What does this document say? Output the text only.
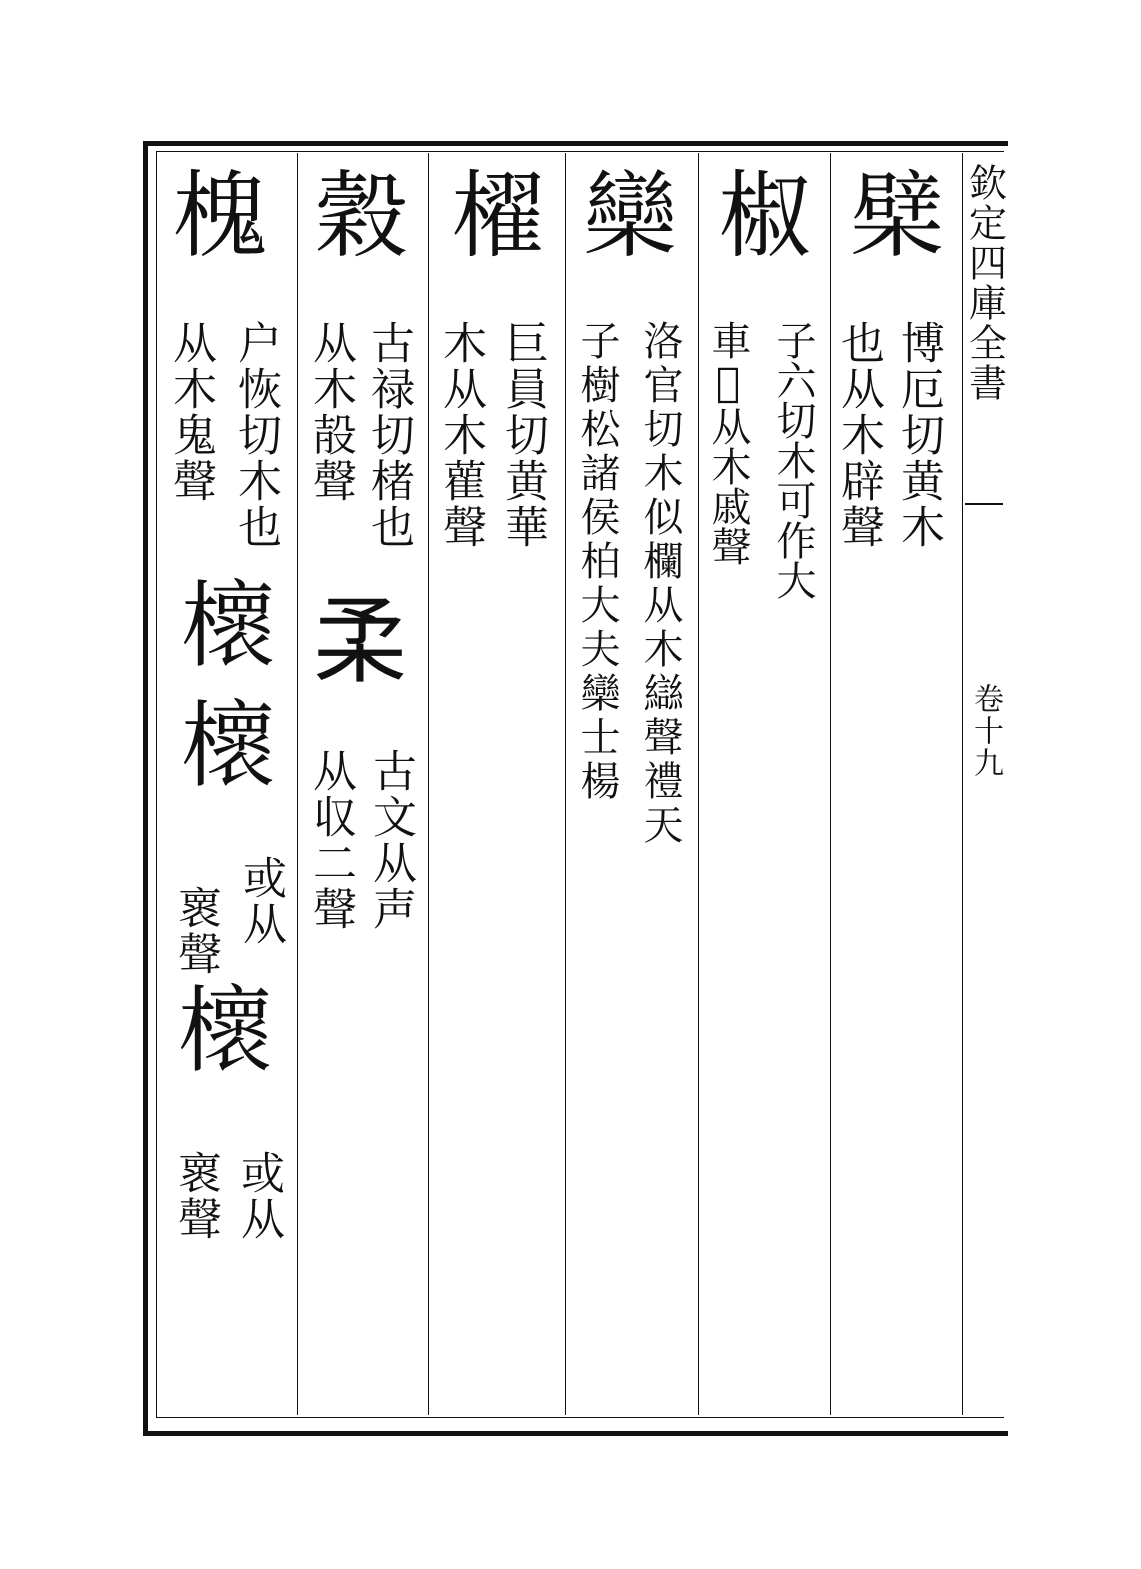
欽定四庫全書
卷十九
檗
博厄切黄木
也从木辟聲
椒
子六切木可作大
車𩍐从木戚聲
欒
洛官切木似欄从木䜌聲禮天
子樹松諸侯柏大夫欒士楊
櫂
巨員切黄華
木从木雚聲
穀
古禄切楮也
从木㱿聲
𣏗
古文从声
从収二聲
槐
户恢切木也
从木鬼聲
櫰
櫰
或从
褱聲
櫰
或从
褱聲
